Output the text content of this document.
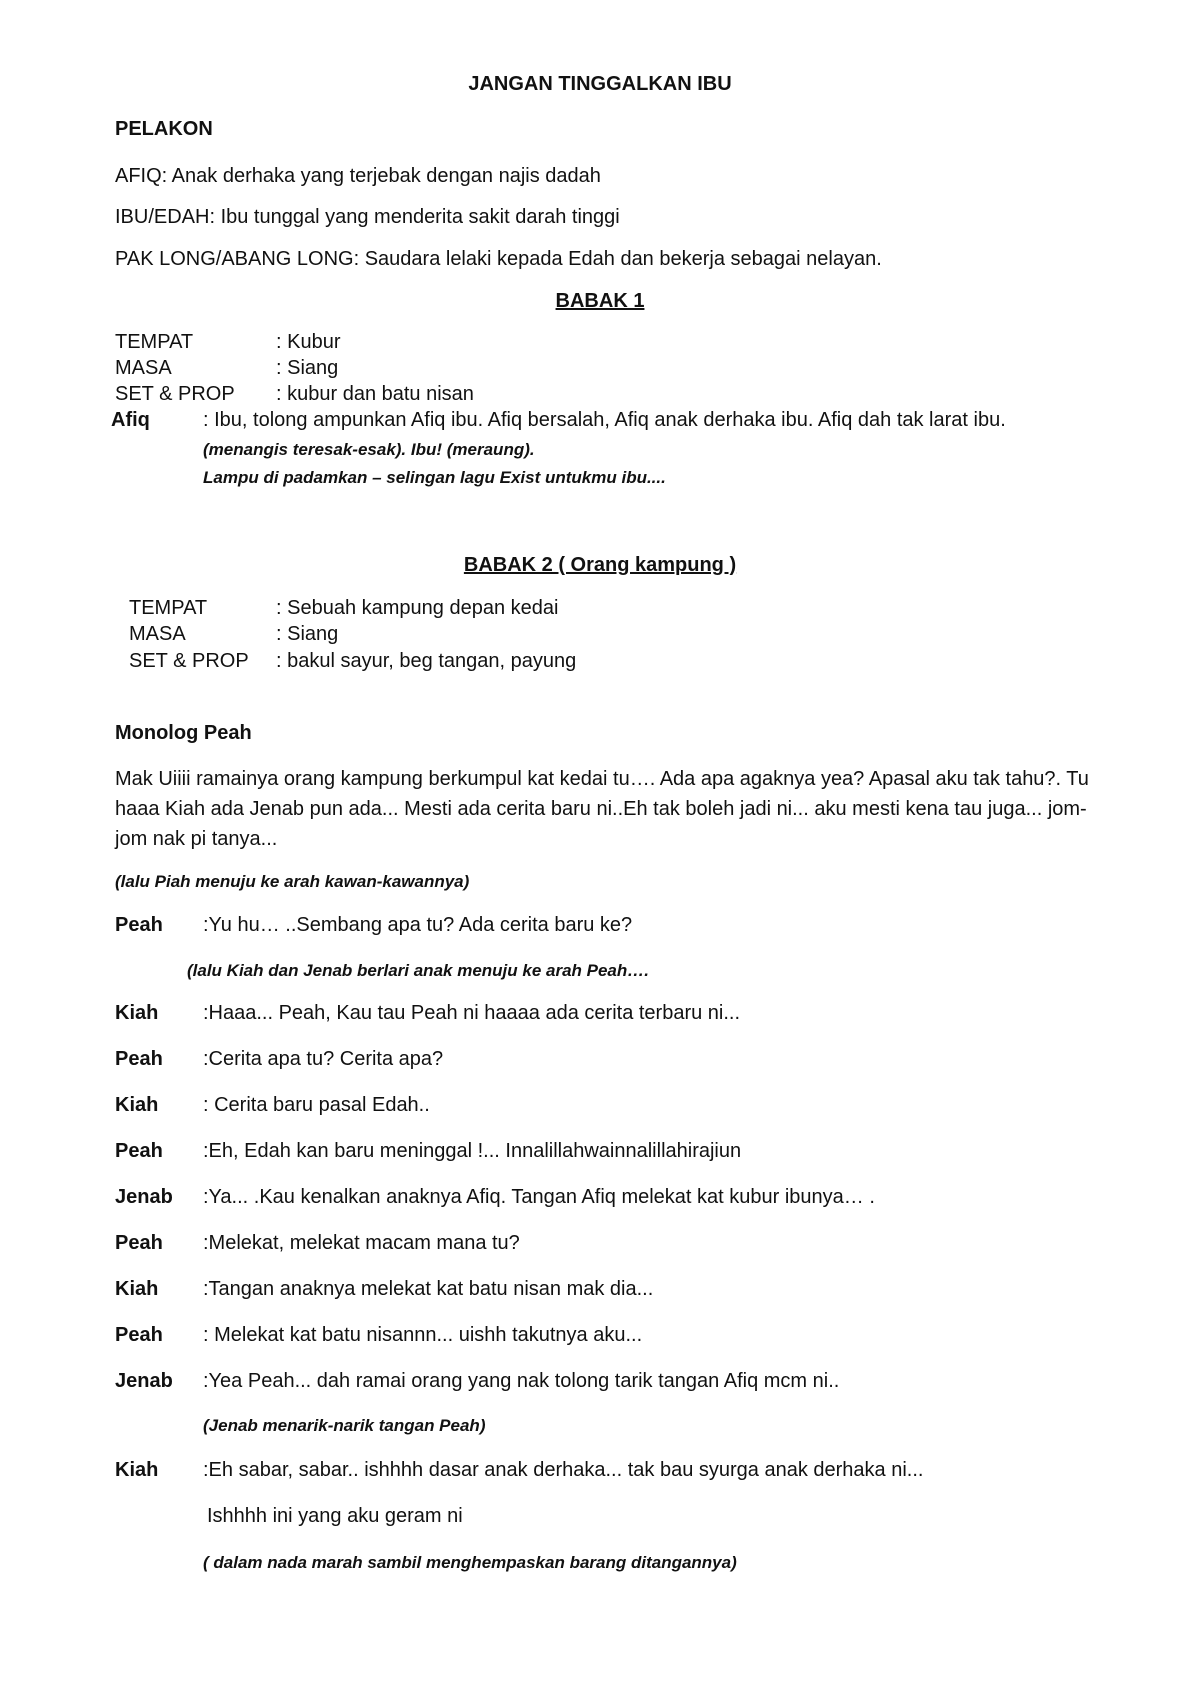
JANGAN TINGGALKAN IBU
PELAKON
AFIQ: Anak derhaka yang terjebak dengan najis dadah
IBU/EDAH: Ibu tunggal yang menderita sakit darah tinggi
PAK LONG/ABANG LONG: Saudara lelaki kepada Edah dan bekerja sebagai nelayan.
BABAK 1
TEMPAT	: Kubur
MASA	: Siang
SET & PROP : kubur dan batu nisan
Afiq	: Ibu, tolong ampunkan Afiq ibu. Afiq bersalah, Afiq anak derhaka ibu. Afiq dah tak larat ibu.
(menangis teresak-esak). Ibu! (meraung).
Lampu di padamkan – selingan lagu Exist untukmu ibu....
BABAK 2 ( Orang kampung )
TEMPAT	: Sebuah kampung depan kedai
MASA	: Siang
SET & PROP : bakul sayur, beg tangan, payung
Monolog Peah
Mak Uiiii ramainya orang kampung berkumpul kat kedai tu…. Ada apa agaknya yea? Apasal aku tak tahu?. Tu haaa Kiah ada Jenab pun ada... Mesti ada cerita baru ni..Eh tak boleh jadi ni... aku mesti kena tau juga... jom-jom nak pi tanya...
(lalu Piah menuju ke arah kawan-kawannya)
Peah :Yu hu… ..Sembang apa tu? Ada cerita baru ke?
(lalu Kiah dan Jenab berlari anak menuju ke arah Peah….
Kiah :Haaa... Peah, Kau tau Peah ni haaaa ada cerita terbaru ni...
Peah :Cerita apa tu? Cerita apa?
Kiah : Cerita baru pasal Edah..
Peah :Eh, Edah kan baru meninggal !... Innalillahwainnalillahirajiun
Jenab :Ya... .Kau kenalkan anaknya Afiq. Tangan Afiq melekat kat kubur ibunya… .
Peah :Melekat, melekat macam mana tu?
Kiah :Tangan anaknya melekat kat batu nisan mak dia...
Peah : Melekat kat batu nisannn... uishh takutnya aku...
Jenab :Yea Peah... dah ramai orang yang nak tolong tarik tangan Afiq mcm ni..
(Jenab menarik-narik tangan Peah)
Kiah :Eh sabar, sabar.. ishhhh dasar anak derhaka... tak bau syurga anak derhaka ni...
Ishhhh ini yang aku geram ni
( dalam nada marah sambil menghempaskan barang ditangannya)
